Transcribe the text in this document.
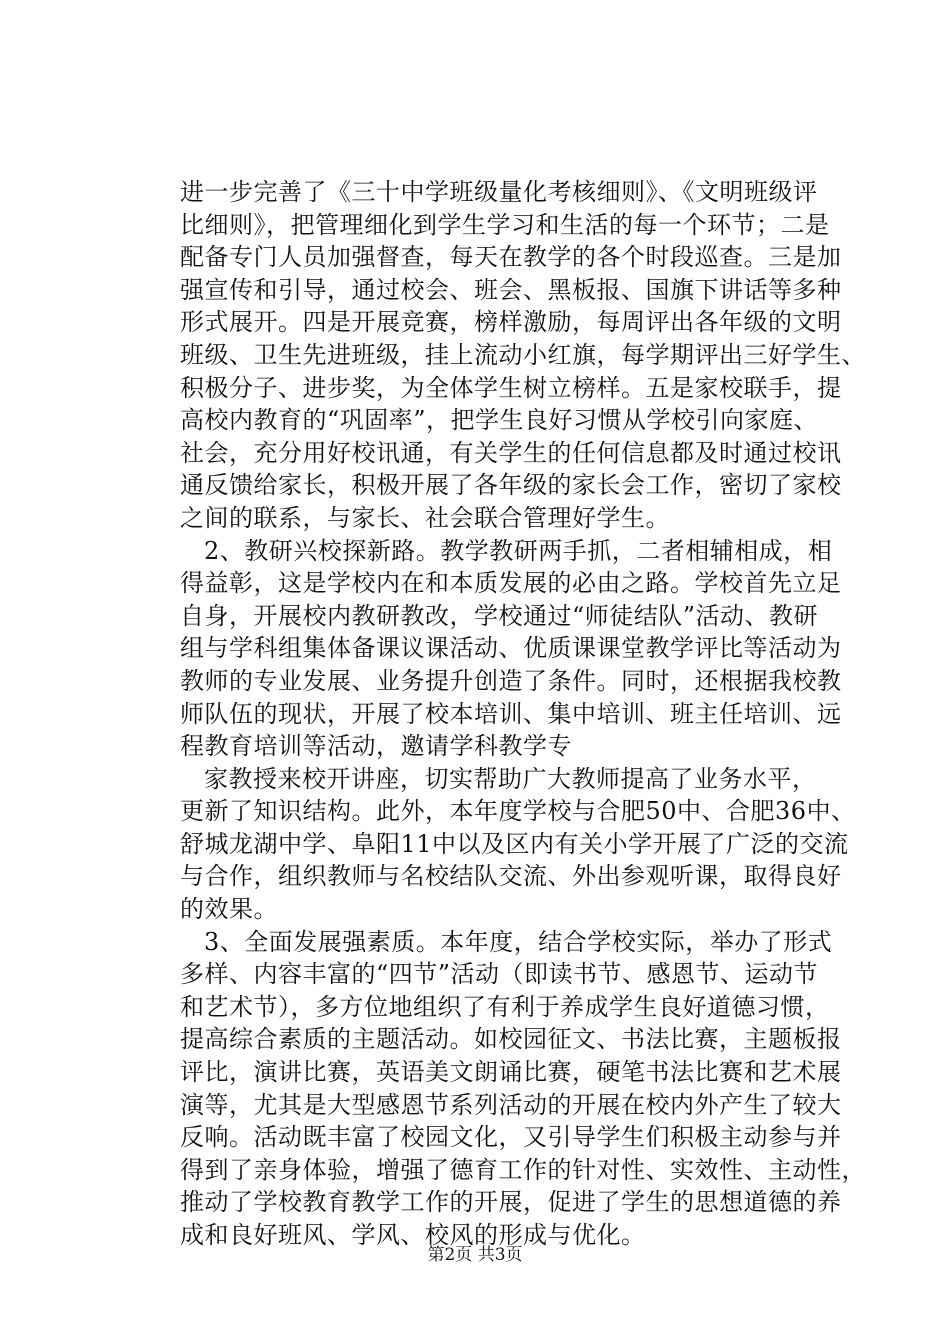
进一步完善了《三十中学班级量化考核细则》、《文明班级评
比细则》，把管理细化到学生学习和生活的每一个环节；二是
配备专门人员加强督查，每天在教学的各个时段巡查。三是加
强宣传和引导，通过校会、班会、黑板报、国旗下讲话等多种
形式展开。四是开展竞赛，榜样激励，每周评出各年级的文明
班级、卫生先进班级，挂上流动小红旗，每学期评出三好学生、
积极分子、进步奖，为全体学生树立榜样。五是家校联手，提
高校内教育的“巩固率”，把学生良好习惯从学校引向家庭、
社会，充分用好校讯通，有关学生的任何信息都及时通过校讯
通反馈给家长，积极开展了各年级的家长会工作，密切了家校
之间的联系，与家长、社会联合管理好学生。
2、教研兴校探新路。教学教研两手抓，二者相辅相成，相
得益彰，这是学校内在和本质发展的必由之路。学校首先立足
自身，开展校内教研教改，学校通过“师徒结队”活动、教研
组与学科组集体备课议课活动、优质课课堂教学评比等活动为
教师的专业发展、业务提升创造了条件。同时，还根据我校教
师队伍的现状，开展了校本培训、集中培训、班主任培训、远
程教育培训等活动，邀请学科教学专
家教授来校开讲座，切实帮助广大教师提高了业务水平，
更新了知识结构。此外，本年度学校与合肥50中、合肥36中、
舒城龙湖中学、阜阳11中以及区内有关小学开展了广泛的交流
与合作，组织教师与名校结队交流、外出参观听课，取得良好
的效果。
3、全面发展强素质。本年度，结合学校实际，举办了形式
多样、内容丰富的“四节”活动（即读书节、感恩节、运动节
和艺术节），多方位地组织了有利于养成学生良好道德习惯，
提高综合素质的主题活动。如校园征文、书法比赛，主题板报
评比，演讲比赛，英语美文朗诵比赛，硬笔书法比赛和艺术展
演等，尤其是大型感恩节系列活动的开展在校内外产生了较大
反响。活动既丰富了校园文化，又引导学生们积极主动参与并
得到了亲身体验，增强了德育工作的针对性、实效性、主动性，
推动了学校教育教学工作的开展，促进了学生的思想道德的养
成和良好班风、学风、校风的形成与优化。
第2页 共3页
